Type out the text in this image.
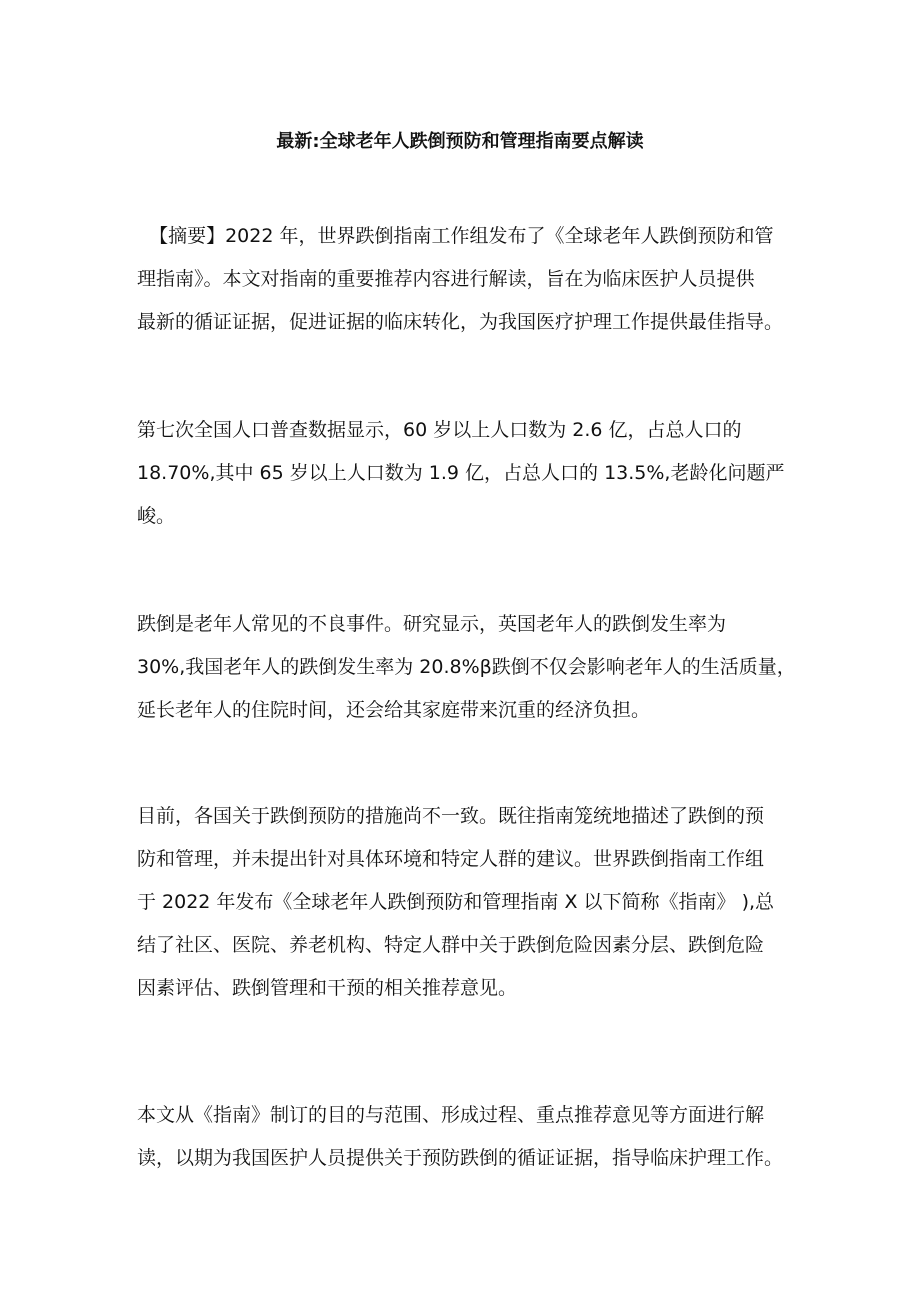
最新:全球老年人跌倒预防和管理指南要点解读
【摘要】2022 年，世界跌倒指南工作组发布了《全球老年人跌倒预防和管
理指南》。本文对指南的重要推荐内容进行解读，旨在为临床医护人员提供
最新的循证证据，促进证据的临床转化，为我国医疗护理工作提供最佳指导。
第七次全国人口普查数据显示，60 岁以上人口数为 2.6 亿，占总人口的
18.70%,其中 65 岁以上人口数为 1.9 亿，占总人口的 13.5%,老龄化问题严
峻。
跌倒是老年人常见的不良事件。研究显示，英国老年人的跌倒发生率为
30%,我国老年人的跌倒发生率为 20.8%β跌倒不仅会影响老年人的生活质量，
延长老年人的住院时间，还会给其家庭带来沉重的经济负担。
目前，各国关于跌倒预防的措施尚不一致。既往指南笼统地描述了跌倒的预
防和管理，并未提出针对具体环境和特定人群的建议。世界跌倒指南工作组
于 2022 年发布《全球老年人跌倒预防和管理指南 X 以下简称《指南》 ),总
结了社区、医院、养老机构、特定人群中关于跌倒危险因素分层、跌倒危险
因素评估、跌倒管理和干预的相关推荐意见。
本文从《指南》制订的目的与范围、形成过程、重点推荐意见等方面进行解
读，以期为我国医护人员提供关于预防跌倒的循证证据，指导临床护理工作。
